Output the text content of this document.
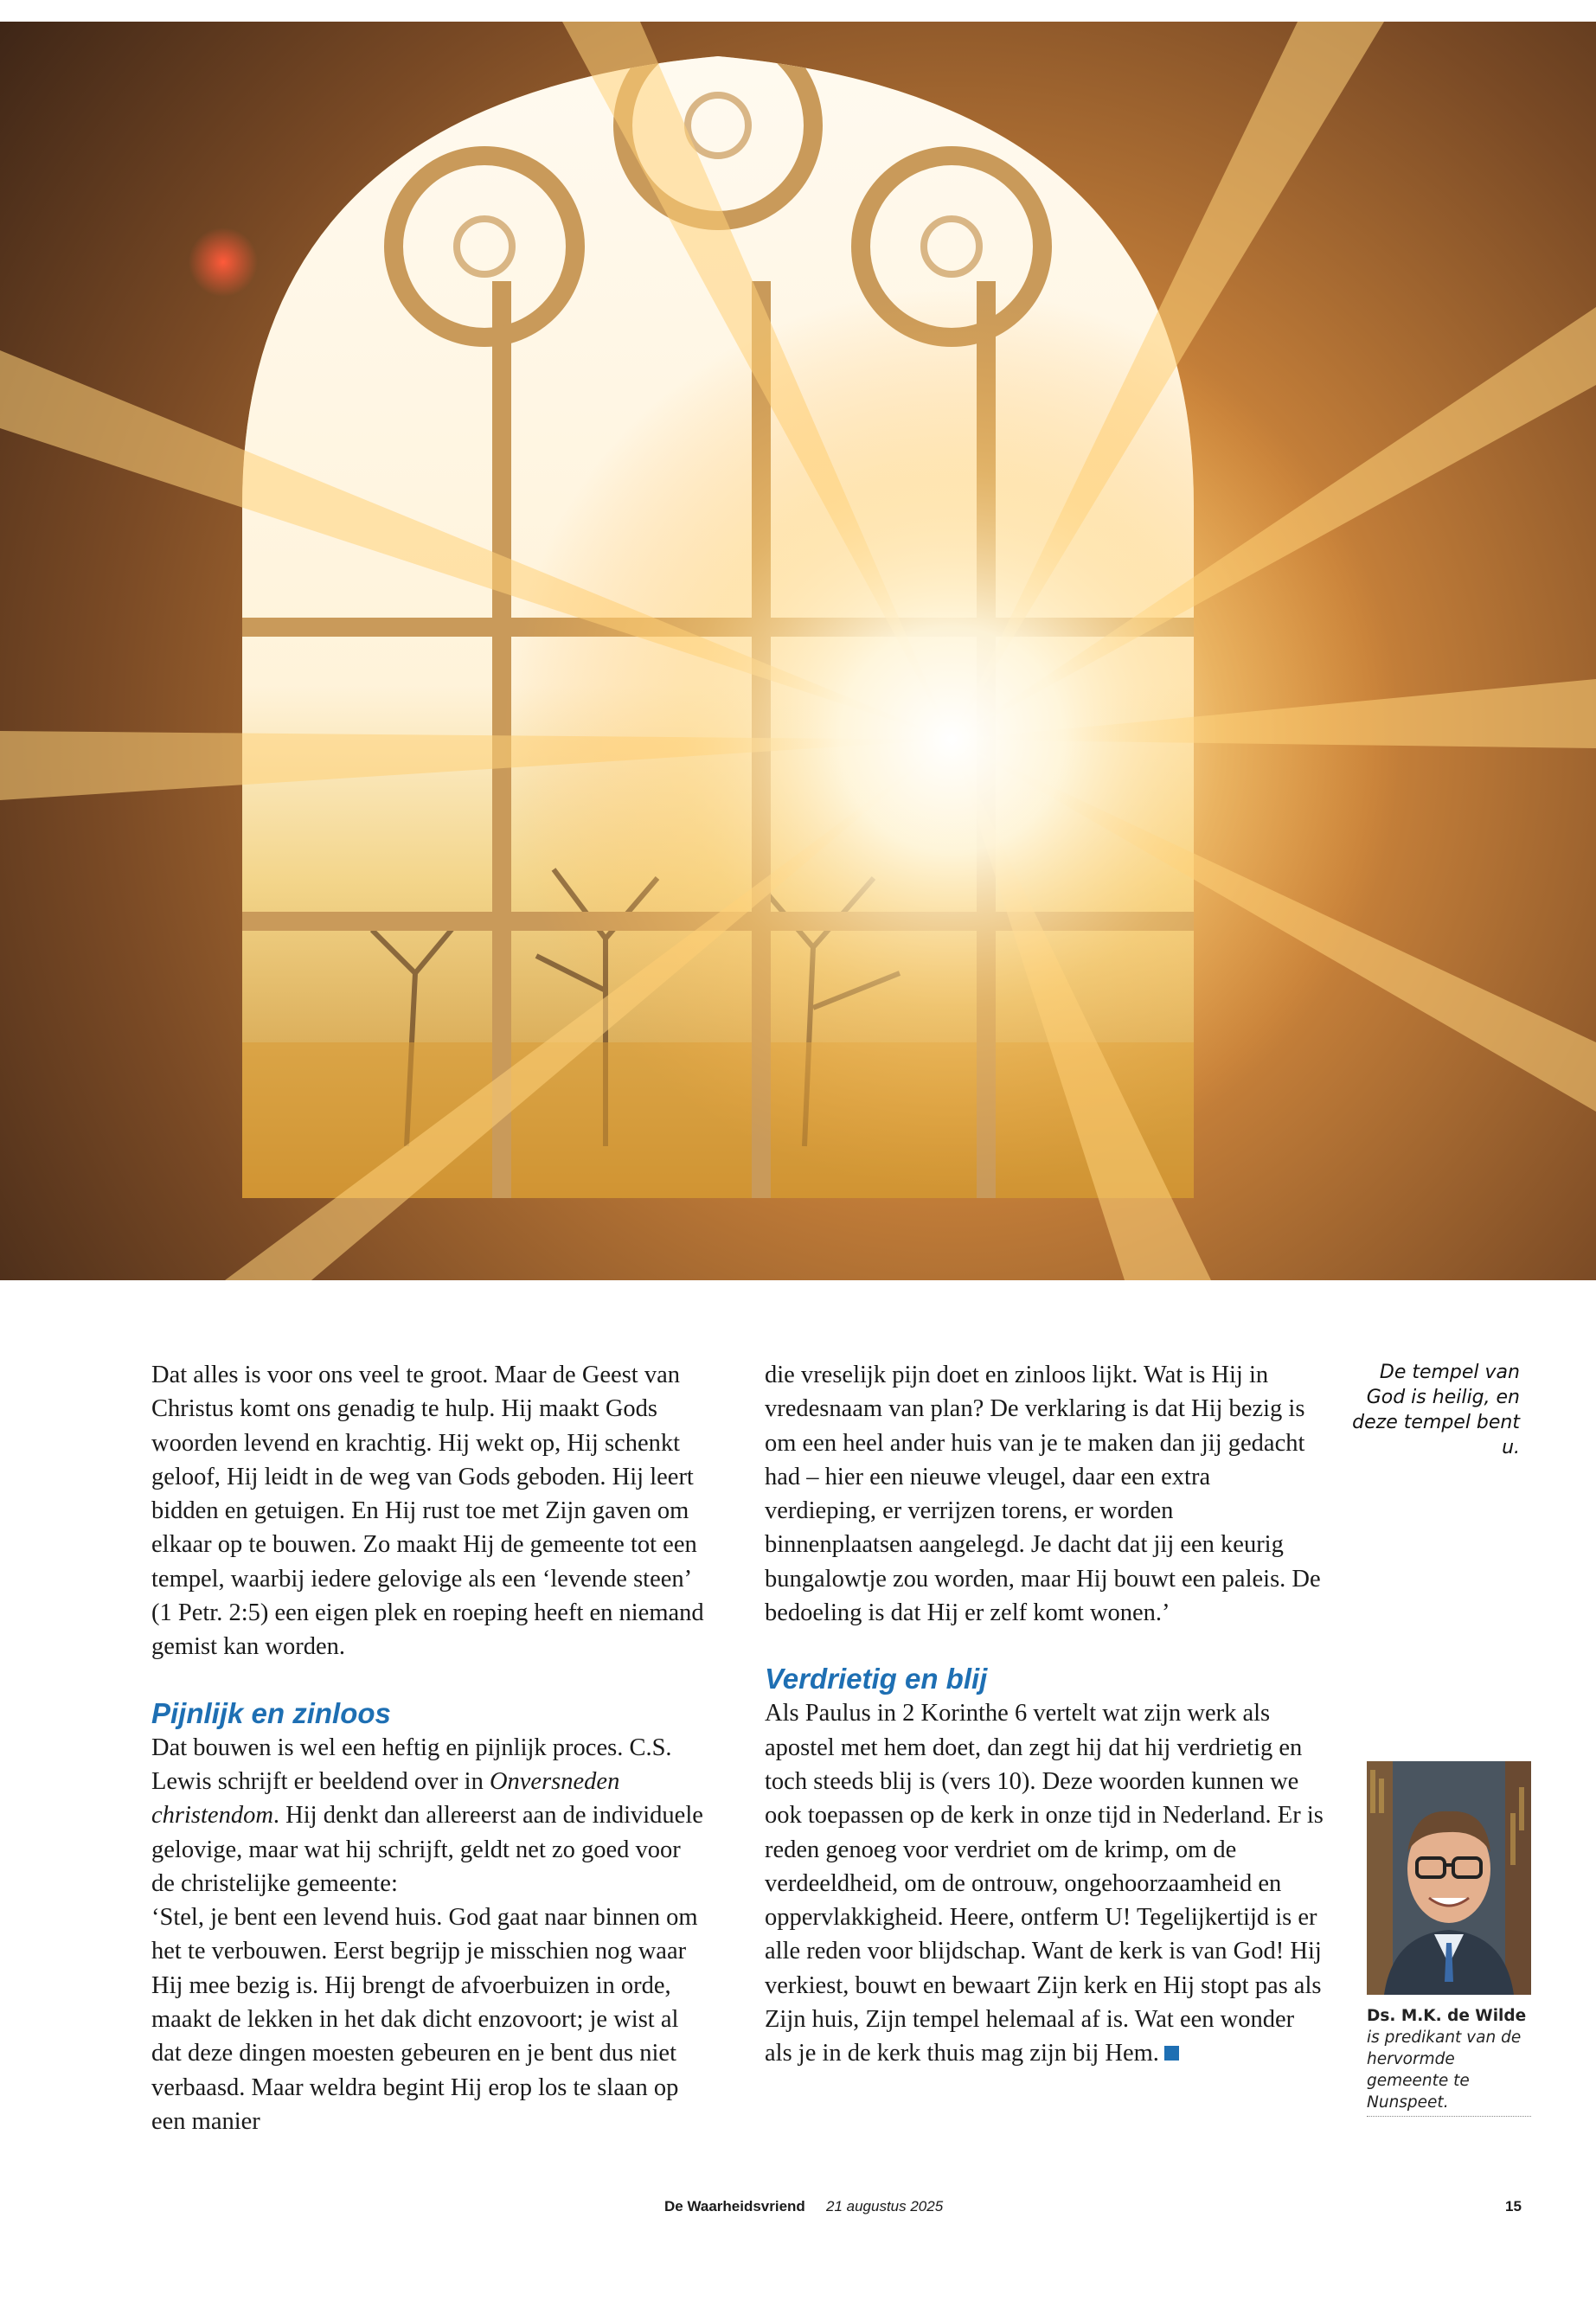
Dat alles is voor ons veel te groot. Maar de Geest van Christus komt ons genadig te hulp. Hij maakt Gods woorden levend en krachtig. Hij wekt op, Hij schenkt geloof, Hij leidt in de weg van Gods geboden. Hij leert bidden en getuigen. En Hij rust toe met Zijn gaven om elkaar op te bouwen. Zo maakt Hij de gemeente tot een tempel, waarbij iedere gelovige als een ‘levende steen’ (1 Petr. 2:5) een eigen plek en roeping heeft en niemand gemist kan worden.

Pijnlijk en zinloos

Dat bouwen is wel een heftig en pijnlijk proces. C.S. Lewis schrijft er beeldend over in Onversneden christendom. Hij denkt dan allereerst aan de individuele gelovige, maar wat hij schrijft, geldt net zo goed voor de christelijke gemeente:

‘Stel, je bent een levend huis. God gaat naar binnen om het te verbouwen. Eerst begrijp je misschien nog waar Hij mee bezig is. Hij brengt de afvoerbuizen in orde, maakt de lekken in het dak dicht enzovoort; je wist al dat deze dingen moesten gebeuren en je bent dus niet verbaasd. Maar weldra begint Hij erop los te slaan op een manier

die vreselijk pijn doet en zinloos lijkt. Wat is Hij in vredesnaam van plan? De verklaring is dat Hij bezig is om een heel ander huis van je te maken dan jij gedacht had – hier een nieuwe vleugel, daar een extra verdieping, er verrijzen torens, er worden binnenplaatsen aangelegd. Je dacht dat jij een keurig bungalowtje zou worden, maar Hij bouwt een paleis. De bedoeling is dat Hij er zelf komt wonen.’

Verdrietig en blij

Als Paulus in 2 Korinthe 6 vertelt wat zijn werk als apostel met hem doet, dan zegt hij dat hij verdrietig en toch steeds blij is (vers 10). Deze woorden kunnen we ook toepassen op de kerk in onze tijd in Nederland. Er is reden genoeg voor verdriet om de krimp, om de verdeeldheid, om de ontrouw, ongehoorzaamheid en oppervlakkigheid. Heere, ontferm U! Tegelijkertijd is er alle reden voor blijdschap. Want de kerk is van God! Hij verkiest, bouwt en bewaart Zijn kerk en Hij stopt pas als Zijn huis, Zijn tempel helemaal af is. Wat een wonder als je in de kerk thuis mag zijn bij Hem.

De tempel van God is heilig, en deze tempel bent u.
Ds. M.K. de Wilde
is predikant van de hervormde gemeente te Nunspeet.
De Waarheidsvriend 21 augustus 2025	15
